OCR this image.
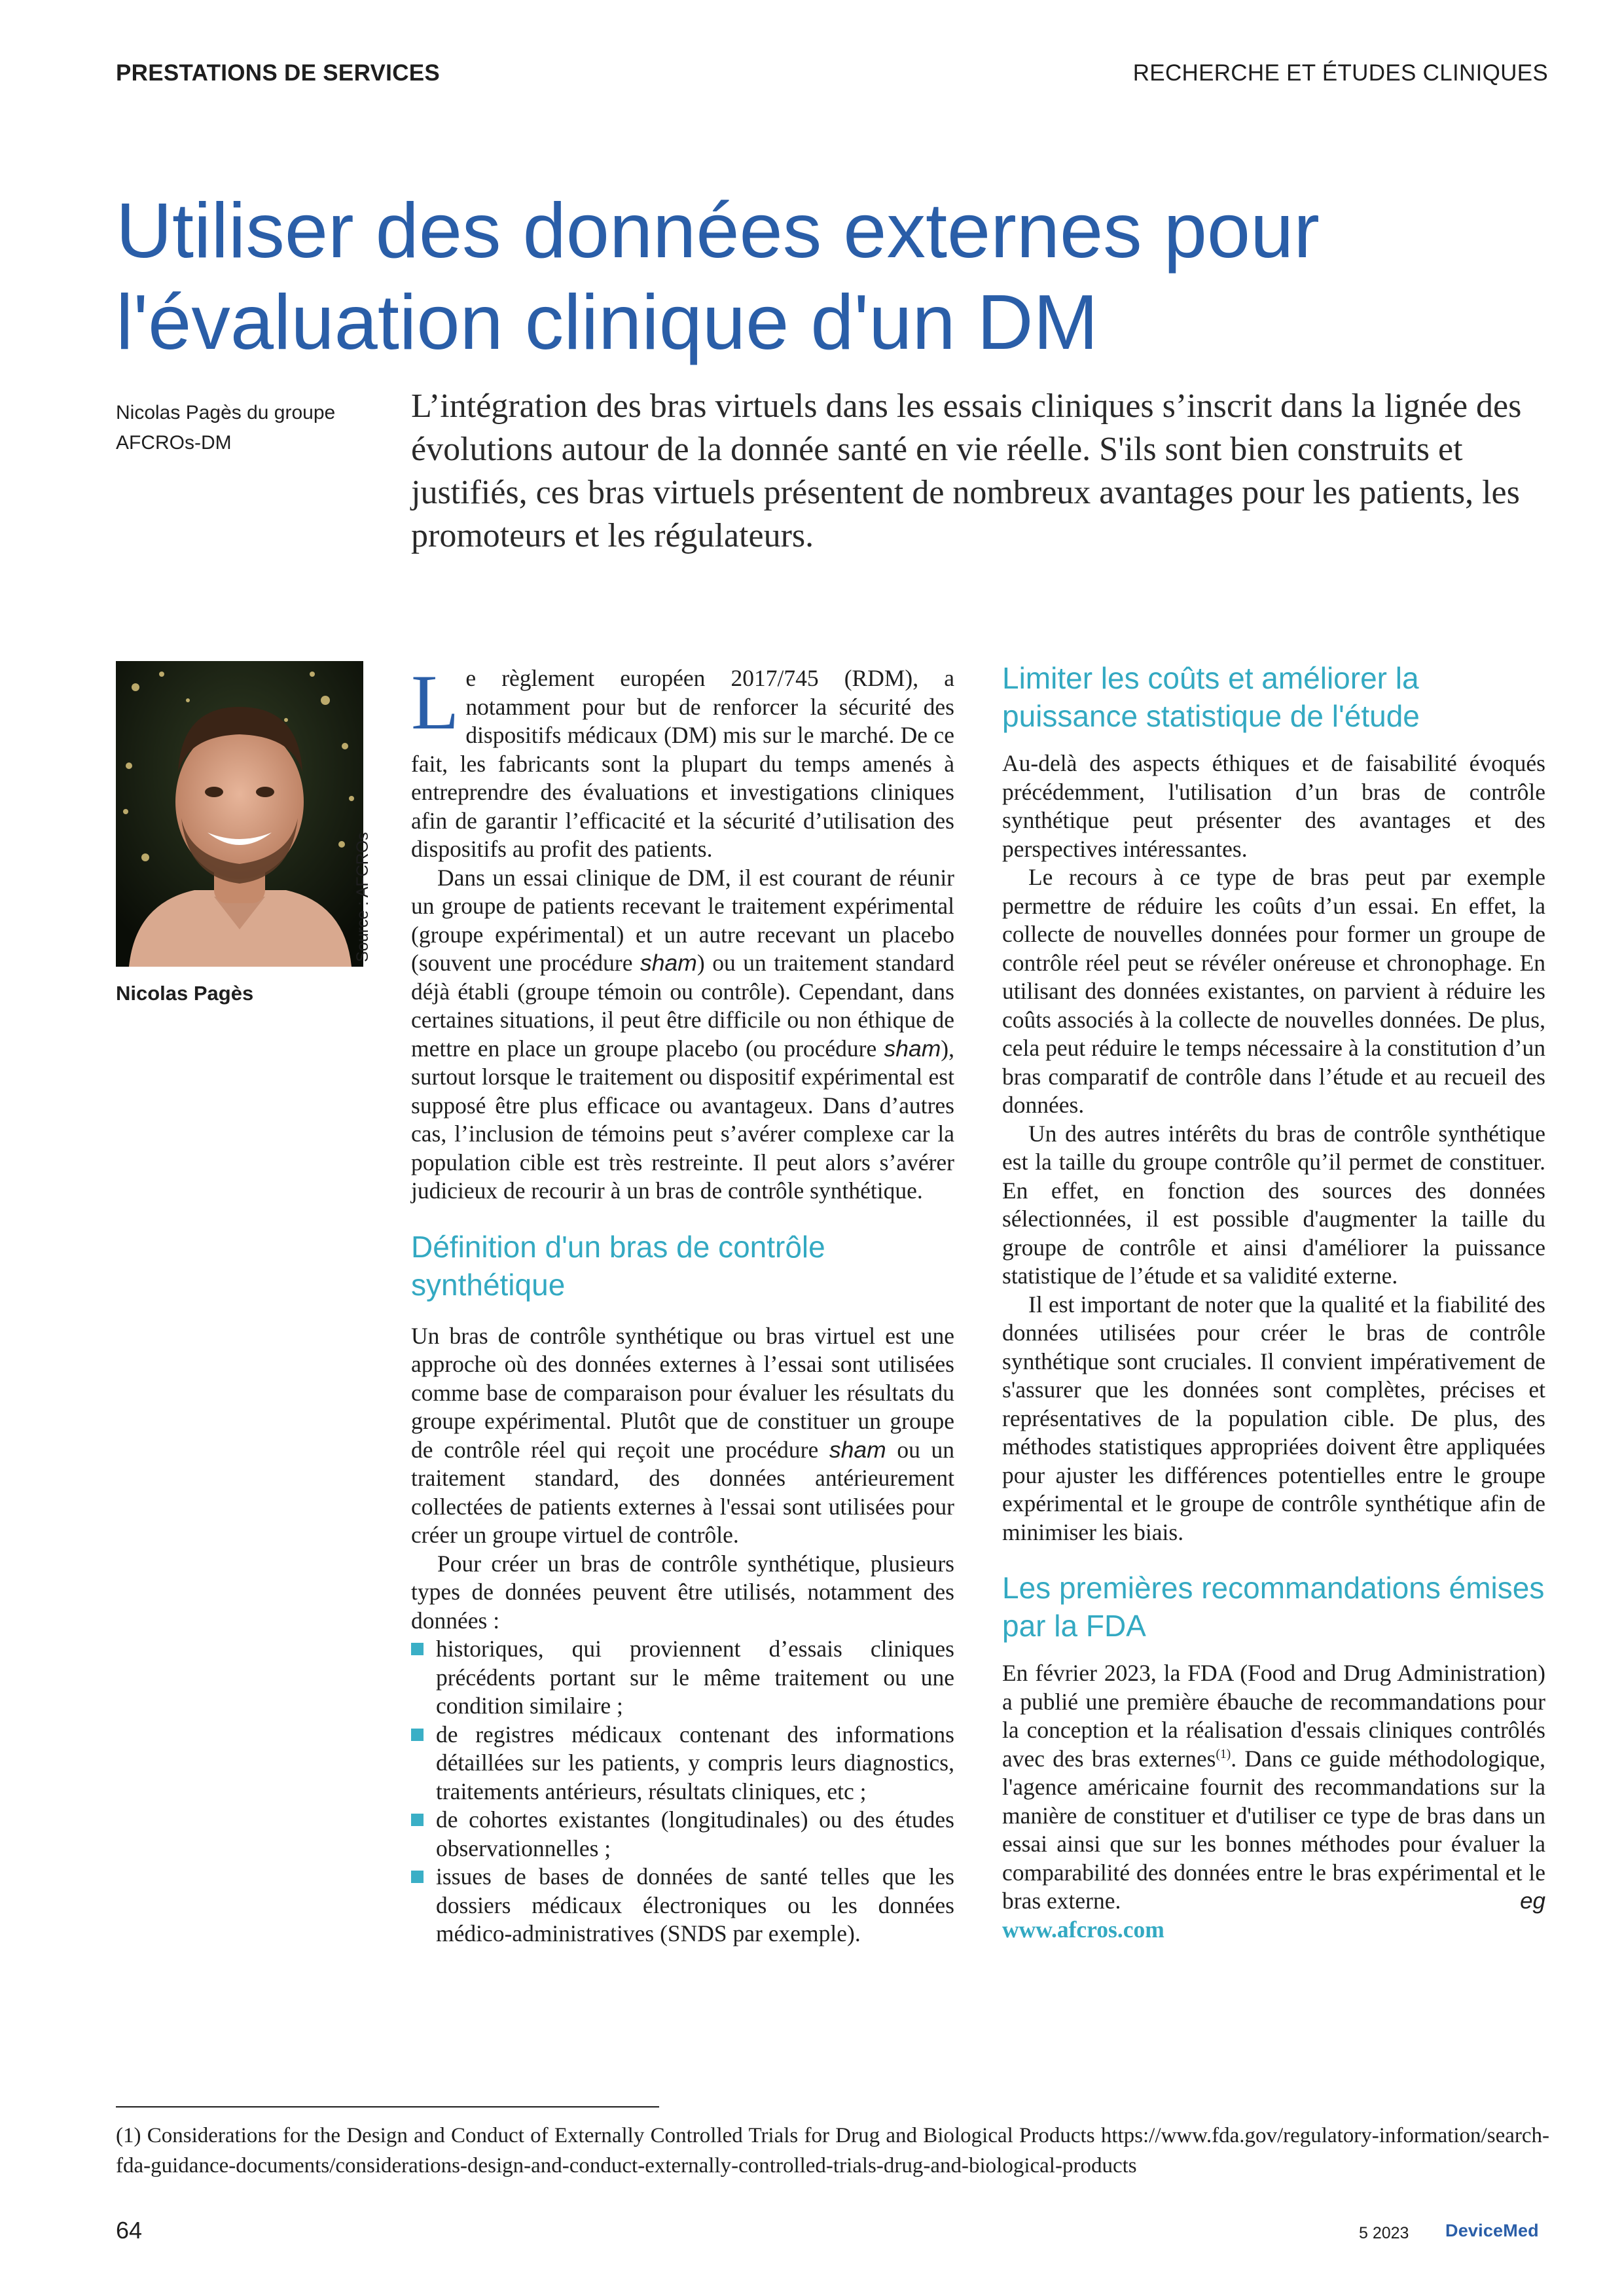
PRESTATIONS DE SERVICES	RECHERCHE ET ÉTUDES CLINIQUES
Utiliser des données externes pour
l'évaluation clinique d'un DM
Nicolas Pagès du groupe
AFCROs-DM
L’intégration des bras virtuels dans les essais cliniques s’inscrit dans la lignée des évolutions autour de la donnée santé en vie réelle. S'ils sont bien construits et justifiés, ces bras virtuels présentent de nombreux avantages pour les patients, les promoteurs et les régulateurs.
Source : AFCROs
Nicolas Pagès

Le règlement européen 2017/745 (RDM), a notamment pour but de renforcer la sécurité des dispositifs médicaux (DM) mis sur le marché. De ce fait, les fabricants sont la plupart du temps amenés à entreprendre des évaluations et investigations cliniques afin de garantir l’efficacité et la sécurité d’utilisation des dispositifs au profit des patients.

Dans un essai clinique de DM, il est courant de réunir un groupe de patients recevant le traitement expérimental (groupe expérimental) et un autre recevant un placebo (souvent une procédure sham) ou un traitement standard déjà établi (groupe témoin ou contrôle). Cependant, dans certaines situations, il peut être difficile ou non éthique de mettre en place un groupe placebo (ou procédure sham), surtout lorsque le traitement ou dispositif expérimental est supposé être plus efficace ou avantageux. Dans d’autres cas, l’inclusion de témoins peut s’avérer complexe car la population cible est très restreinte. Il peut alors s’avérer judicieux de recourir à un bras de contrôle synthétique.

Définition d'un bras de contrôle synthétique

Un bras de contrôle synthétique ou bras virtuel est une approche où des données externes à l’essai sont utilisées comme base de comparaison pour évaluer les résultats du groupe expérimental. Plutôt que de constituer un groupe de contrôle réel qui reçoit une procédure sham ou un traitement standard, des données antérieurement collectées de patients externes à l'essai sont utilisées pour créer un groupe virtuel de contrôle.

Pour créer un bras de contrôle synthétique, plusieurs types de données peuvent être utilisés, notamment des données :

historiques, qui proviennent d’essais cliniques précédents portant sur le même traitement ou une condition similaire ;
de registres médicaux contenant des informations détaillées sur les patients, y compris leurs diagnostics, traitements antérieurs, résultats cliniques, etc ;
de cohortes existantes (longitudinales) ou des études observationnelles ;
issues de bases de données de santé telles que les dossiers médicaux électroniques ou les données médico-administratives (SNDS par exemple).
Limiter les coûts et améliorer la puissance statistique de l'étude

Au-delà des aspects éthiques et de faisabilité évoqués précédemment, l'utilisation d’un bras de contrôle synthétique peut présenter des avantages et des perspectives intéressantes.

Le recours à ce type de bras peut par exemple permettre de réduire les coûts d’un essai. En effet, la collecte de nouvelles données pour former un groupe de contrôle réel peut se révéler onéreuse et chronophage. En utilisant des données existantes, on parvient à réduire les coûts associés à la collecte de nouvelles données. De plus, cela peut réduire le temps nécessaire à la constitution d’un bras comparatif de contrôle dans l’étude et au recueil des données.

Un des autres intérêts du bras de contrôle synthétique est la taille du groupe contrôle qu’il permet de constituer. En effet, en fonction des sources des données sélectionnées, il est possible d'augmenter la taille du groupe de contrôle et ainsi d'améliorer la puissance statistique de l’étude et sa validité externe.

Il est important de noter que la qualité et la fiabilité des données utilisées pour créer le bras de contrôle synthétique sont cruciales. Il convient impérativement de s'assurer que les données sont complètes, précises et représentatives de la population cible. De plus, des méthodes statistiques appropriées doivent être appliquées pour ajuster les différences potentielles entre le groupe expérimental et le groupe de contrôle synthétique afin de minimiser les biais.

Les premières recommandations émises par la FDA

En février 2023, la FDA (Food and Drug Administration) a publié une première ébauche de recommandations pour la conception et la réalisation d'essais cliniques contrôlés avec des bras externes$^{(1)}$. Dans ce guide méthodologique, l'agence américaine fournit des recommandations sur la manière de constituer et d'utiliser ce type de bras dans un essai ainsi que sur les bonnes méthodes pour évaluer la comparabilité des données entre le bras expérimental et le bras externe.	eg

www.afcros.com

(1) Considerations for the Design and Conduct of Externally Controlled Trials for Drug and Biological Products https://www.fda.gov/regulatory-information/search-fda-guidance-documents/considerations-design-and-conduct-externally-controlled-trials-drug-and-biological-products
64	5 2023 DeviceMed
